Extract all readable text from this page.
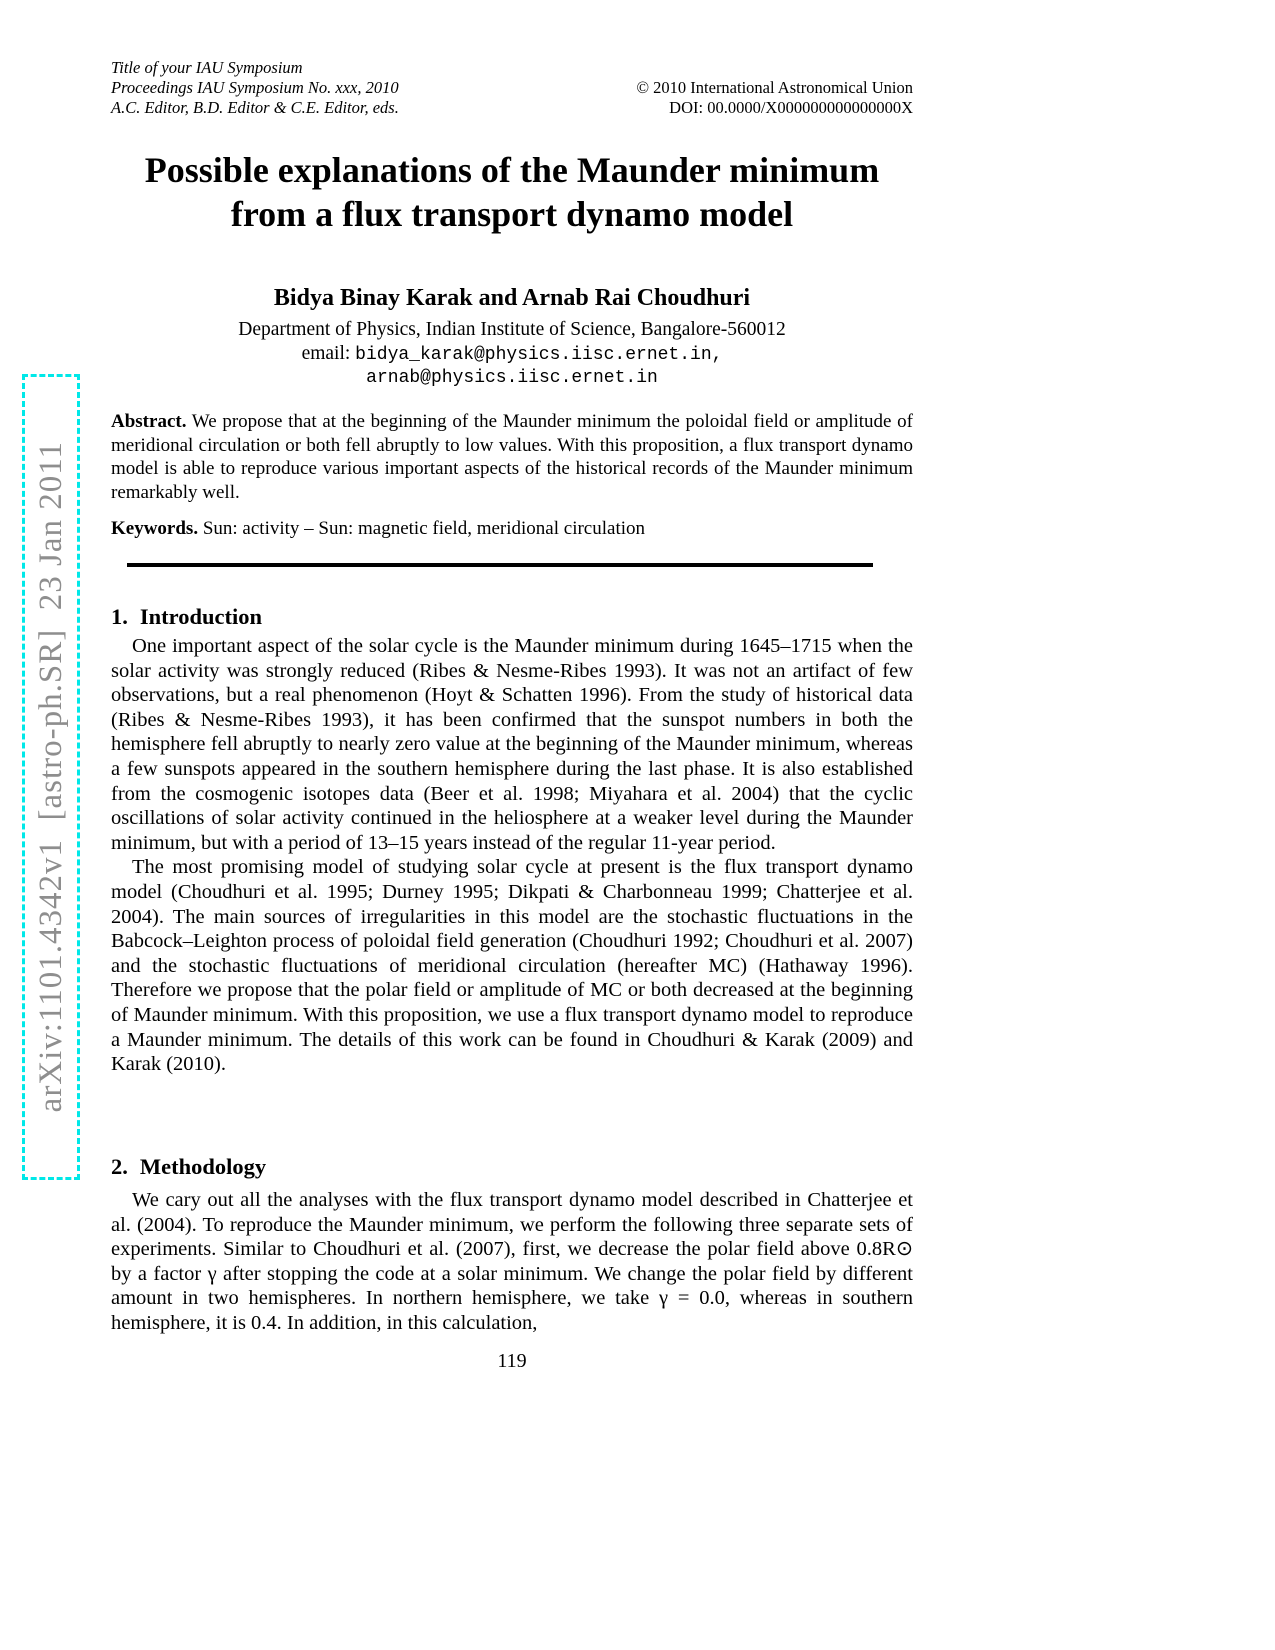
arXiv:1101.4342v1  [astro-ph.SR]  23 Jan 2011
Title of your IAU Symposium
Proceedings IAU Symposium No. xxx, 2010
A.C. Editor, B.D. Editor & C.E. Editor, eds.
© 2010 International Astronomical Union
DOI: 00.0000/X000000000000000X
Possible explanations of the Maunder minimum from a flux transport dynamo model
Bidya Binay Karak and Arnab Rai Choudhuri
Department of Physics, Indian Institute of Science, Bangalore-560012
email: bidya_karak@physics.iisc.ernet.in,
arnab@physics.iisc.ernet.in
Abstract. We propose that at the beginning of the Maunder minimum the poloidal field or amplitude of meridional circulation or both fell abruptly to low values. With this proposition, a flux transport dynamo model is able to reproduce various important aspects of the historical records of the Maunder minimum remarkably well.
Keywords. Sun: activity – Sun: magnetic field, meridional circulation
1. Introduction

One important aspect of the solar cycle is the Maunder minimum during 1645–1715 when the solar activity was strongly reduced (Ribes & Nesme-Ribes 1993). It was not an artifact of few observations, but a real phenomenon (Hoyt & Schatten 1996). From the study of historical data (Ribes & Nesme-Ribes 1993), it has been confirmed that the sunspot numbers in both the hemisphere fell abruptly to nearly zero value at the beginning of the Maunder minimum, whereas a few sunspots appeared in the southern hemisphere during the last phase. It is also established from the cosmogenic isotopes data (Beer et al. 1998; Miyahara et al. 2004) that the cyclic oscillations of solar activity continued in the heliosphere at a weaker level during the Maunder minimum, but with a period of 13–15 years instead of the regular 11-year period.

The most promising model of studying solar cycle at present is the flux transport dynamo model (Choudhuri et al. 1995; Durney 1995; Dikpati & Charbonneau 1999; Chatterjee et al. 2004). The main sources of irregularities in this model are the stochastic fluctuations in the Babcock–Leighton process of poloidal field generation (Choudhuri 1992; Choudhuri et al. 2007) and the stochastic fluctuations of meridional circulation (hereafter MC) (Hathaway 1996). Therefore we propose that the polar field or amplitude of MC or both decreased at the beginning of Maunder minimum. With this proposition, we use a flux transport dynamo model to reproduce a Maunder minimum. The details of this work can be found in Choudhuri & Karak (2009) and Karak (2010).

2. Methodology

We cary out all the analyses with the flux transport dynamo model described in Chatterjee et al. (2004). To reproduce the Maunder minimum, we perform the following three separate sets of experiments. Similar to Choudhuri et al. (2007), first, we decrease the polar field above 0.8R⊙ by a factor γ after stopping the code at a solar minimum. We change the polar field by different amount in two hemispheres. In northern hemisphere, we take γ = 0.0, whereas in southern hemisphere, it is 0.4. In addition, in this calculation,

119
